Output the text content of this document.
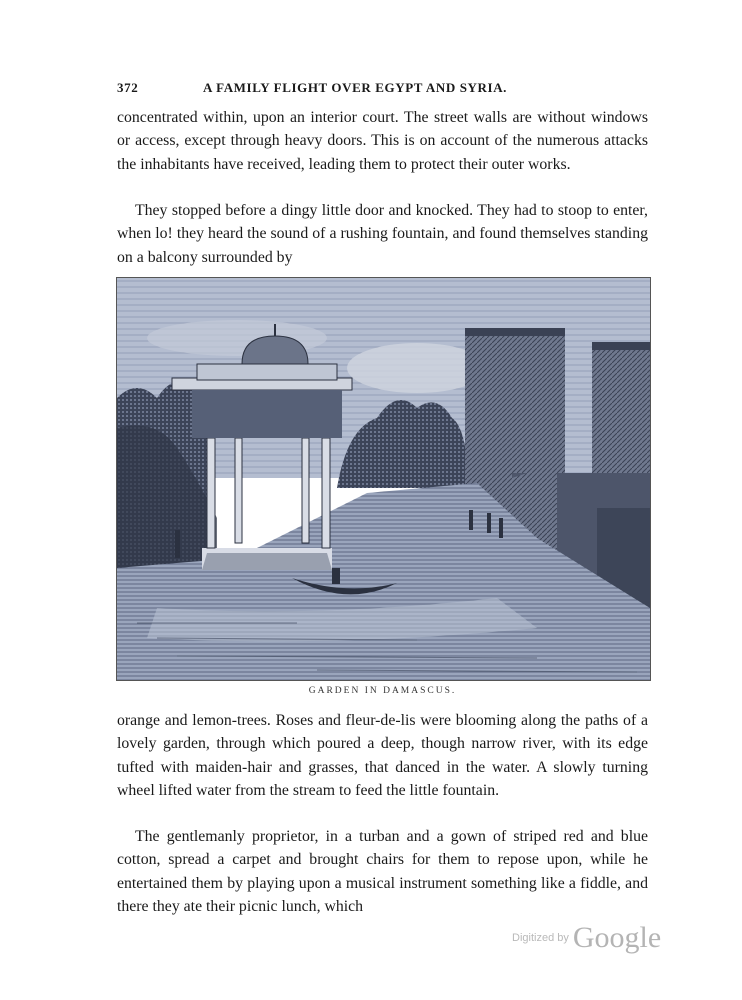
372	A FAMILY FLIGHT OVER EGYPT AND SYRIA.

concentrated within, upon an interior court. The street walls are without windows or access, except through heavy doors. This is on account of the numerous attacks the inhabitants have received, leading them to protect their outer works.

They stopped before a dingy little door and knocked. They had to stoop to enter, when lo! they heard the sound of a rushing fountain, and found themselves standing on a balcony surrounded by

GARDEN IN DAMASCUS.

orange and lemon-trees. Roses and fleur-de-lis were blooming along the paths of a lovely garden, through which poured a deep, though narrow river, with its edge tufted with maiden-hair and grasses, that danced in the water. A slowly turning wheel lifted water from the stream to feed the little fountain.

The gentlemanly proprietor, in a turban and a gown of striped red and blue cotton, spread a carpet and brought chairs for them to repose upon, while he entertained them by playing upon a musical instrument something like a fiddle, and there they ate their picnic lunch, which

Digitized by Google
